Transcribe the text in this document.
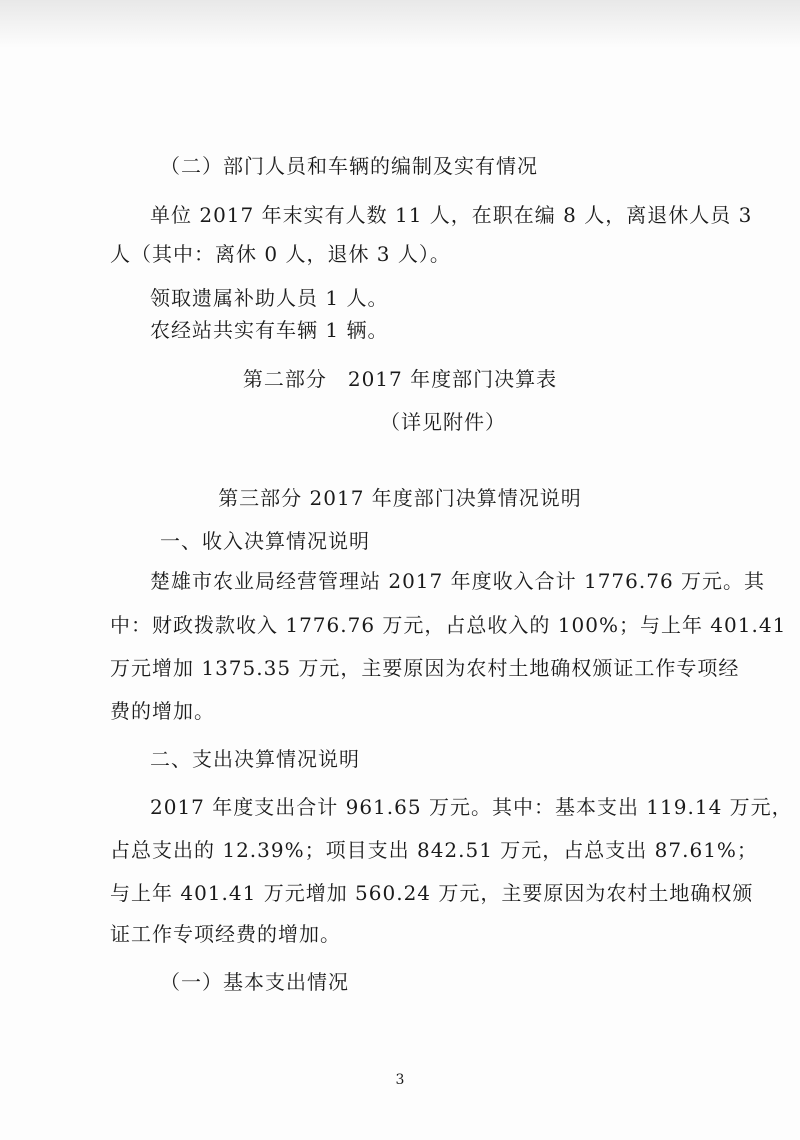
（二）部门人员和车辆的编制及实有情况
单位 2017 年末实有人数 11 人，在职在编 8 人，离退休人员 3
人（其中：离休 0 人，退休 3 人）。
领取遗属补助人员 1 人。
农经站共实有车辆 1 辆。
第二部分　2017 年度部门决算表
（详见附件）
第三部分 2017 年度部门决算情况说明
一、收入决算情况说明
楚雄市农业局经营管理站 2017 年度收入合计 1776.76 万元。其
中：财政拨款收入 1776.76 万元，占总收入的 100%；与上年 401.41
万元增加 1375.35 万元，主要原因为农村土地确权颁证工作专项经
费的增加。
二、支出决算情况说明
2017 年度支出合计 961.65 万元。其中：基本支出 119.14 万元，
占总支出的 12.39%；项目支出 842.51 万元，占总支出 87.61%；
与上年 401.41 万元增加 560.24 万元，主要原因为农村土地确权颁
证工作专项经费的增加。
（一）基本支出情况
3
